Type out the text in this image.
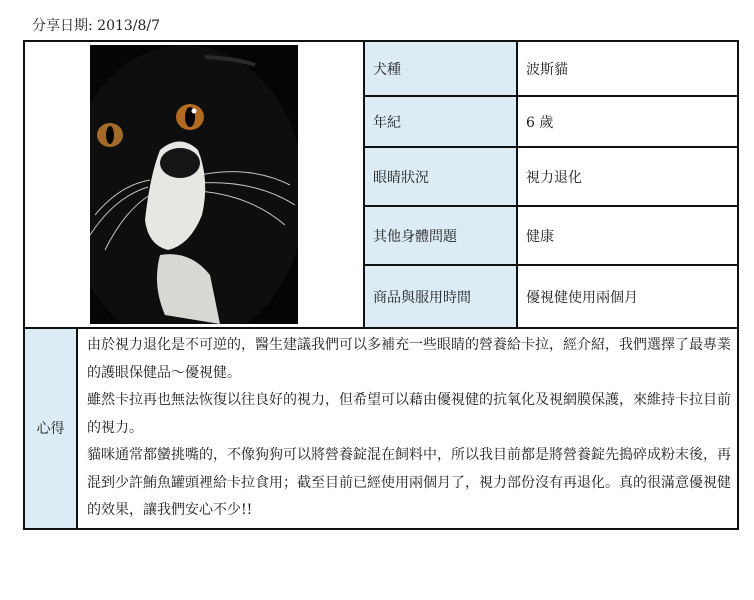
分享日期: 2013/8/7
	犬種	波斯貓
		年紀	6 歲
		眼睛狀況	視力退化
		其他身體問題	健康
		商品與服用時間	優視健使用兩個月
心得	由於視力退化是不可逆的，醫生建議我們可以多補充一些眼睛的營養給卡拉，經介紹，我們選擇了最專業的護眼保健品～優視健。

雖然卡拉再也無法恢復以往良好的視力，但希望可以藉由優視健的抗氧化及視網膜保護，來維持卡拉目前的視力。

貓咪通常都蠻挑嘴的，不像狗狗可以將營養錠混在飼料中，所以我目前都是將營養錠先搗碎成粉末後，再混到少許鮪魚罐頭裡給卡拉食用；截至目前已經使用兩個月了，視力部份沒有再退化。真的很滿意優視健的效果，讓我們安心不少!!		
